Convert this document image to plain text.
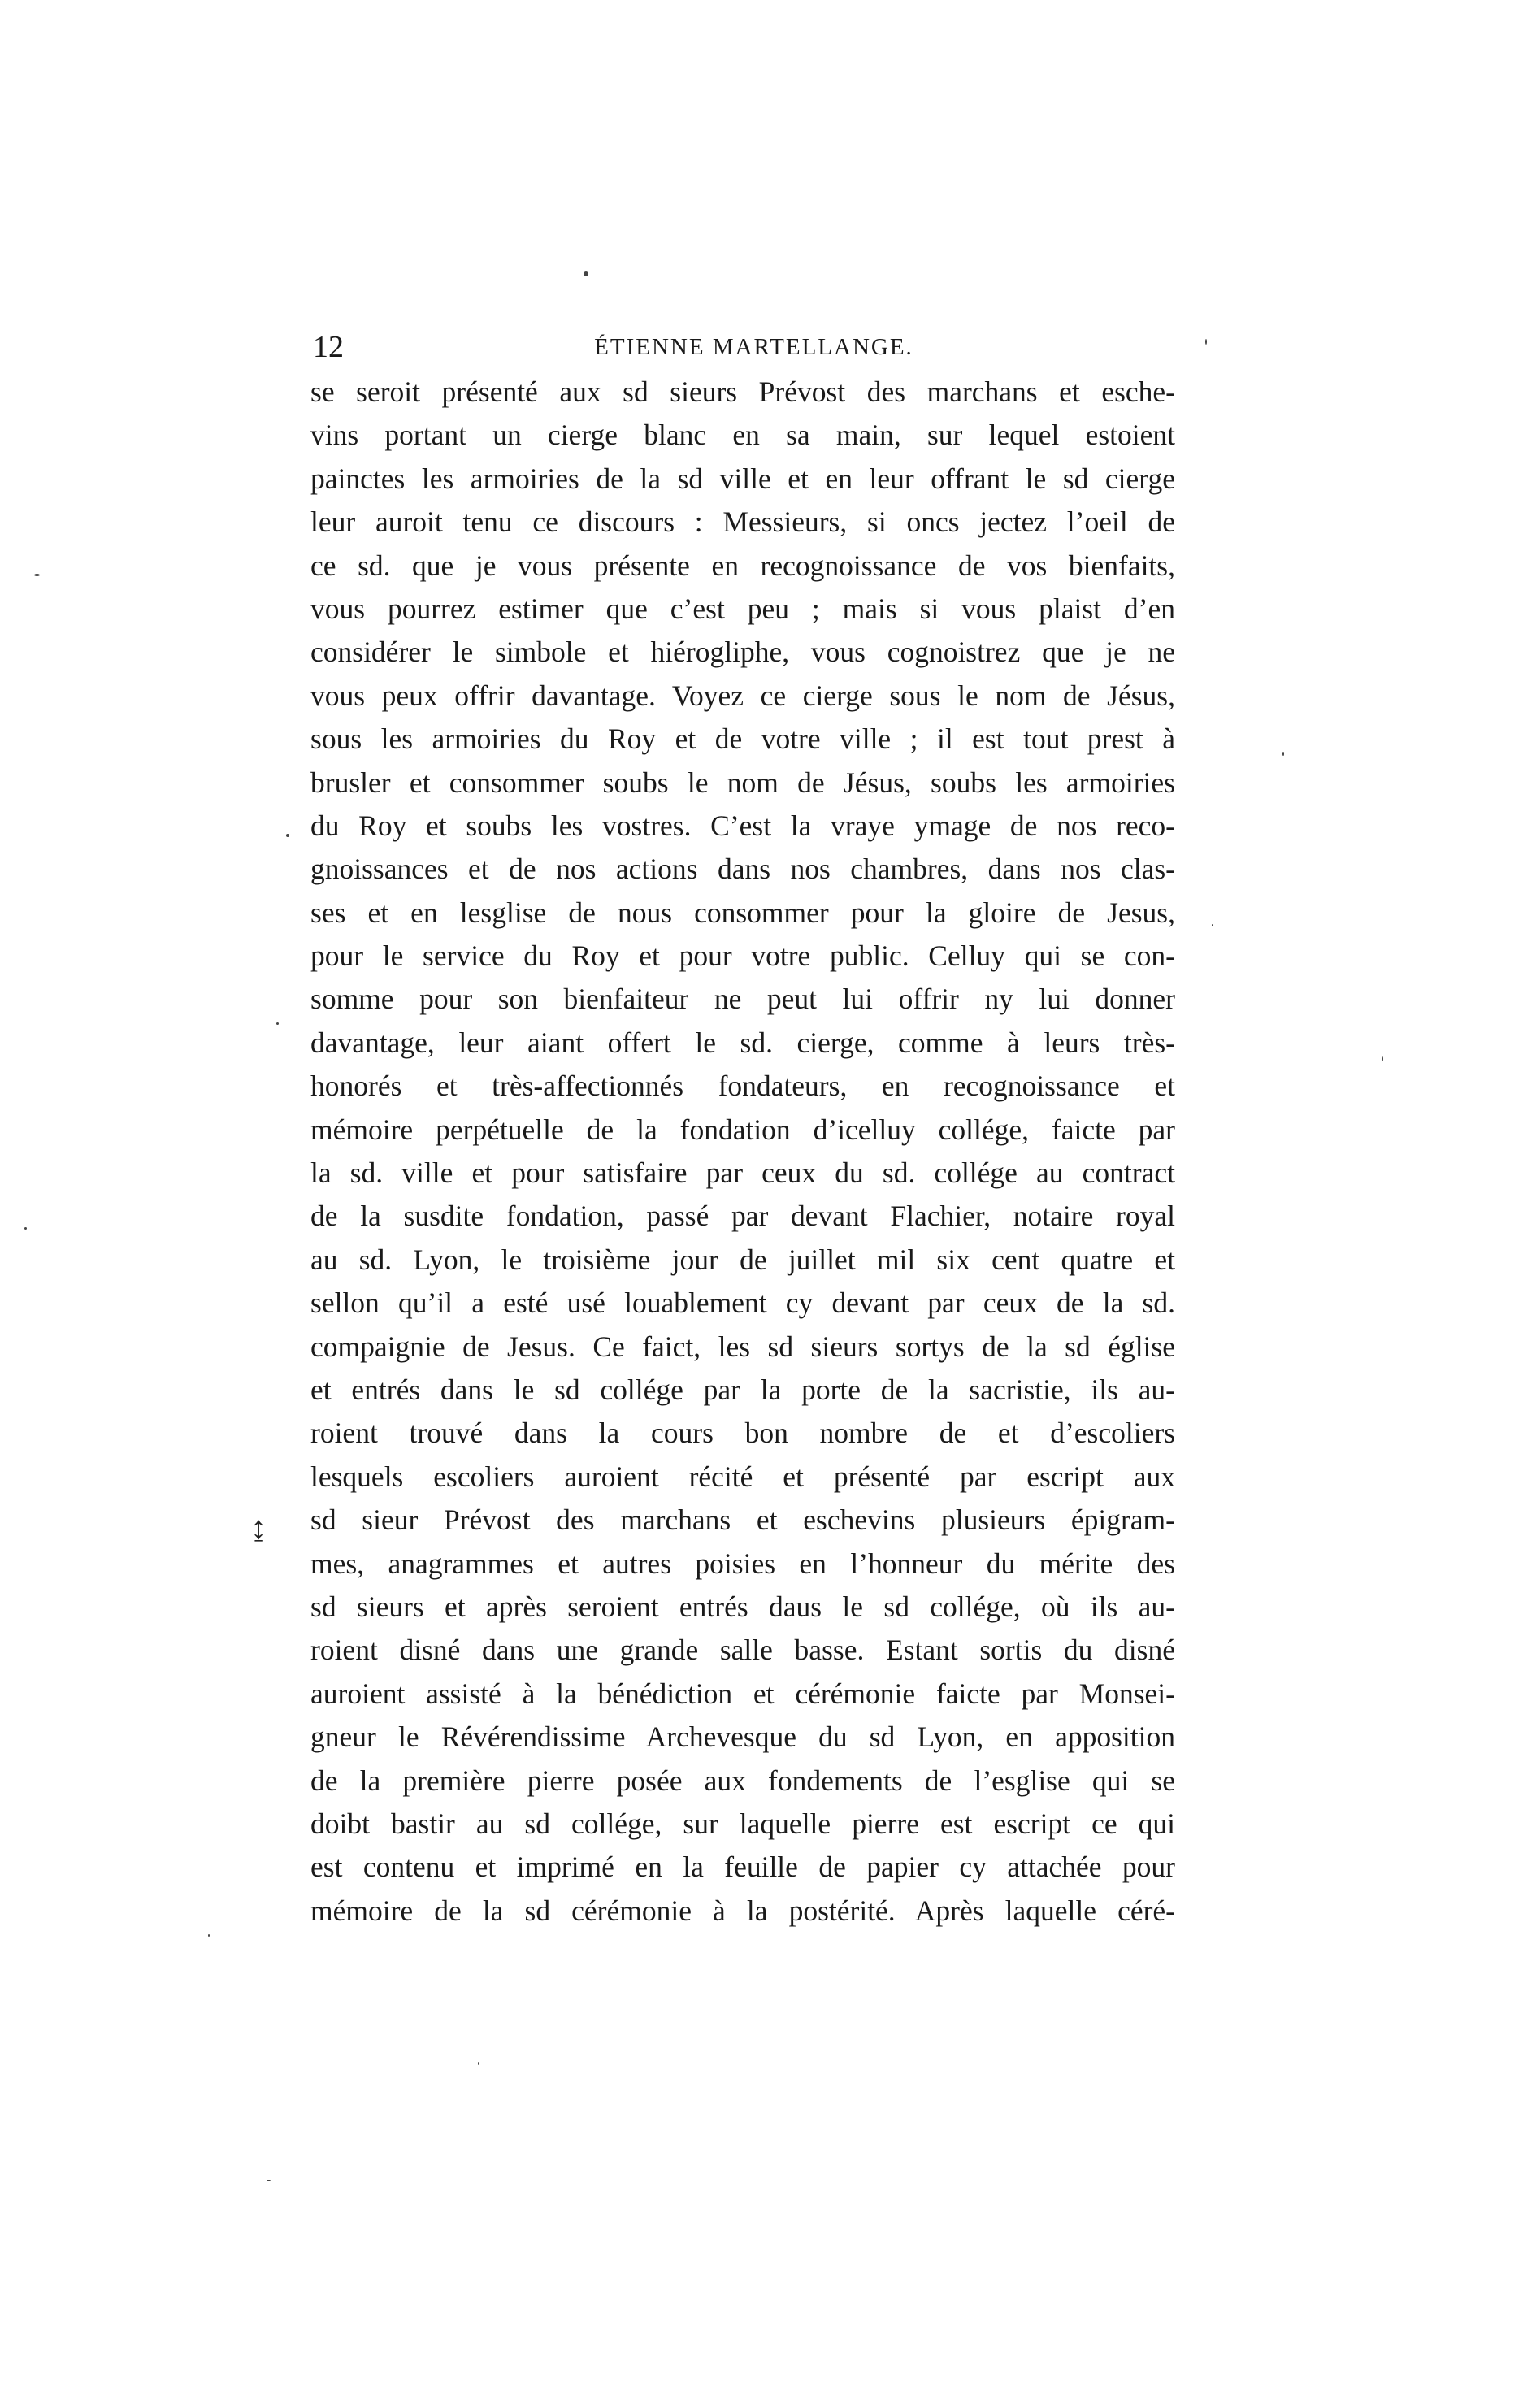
12	ÉTIENNE MARTELLANGE.
se seroit présenté aux sd sieurs Prévost des marchans et esche-
vins portant un cierge blanc en sa main, sur lequel estoient
painctes les armoiries de la sd ville et en leur offrant le sd cierge
leur auroit tenu ce discours : Messieurs, si oncs jectez l’oeil de
ce sd. que je vous présente en recognoissance de vos bienfaits,
vous pourrez estimer que c’est peu ; mais si vous plaist d’en
considérer le simbole et hiérogliphe, vous cognoistrez que je ne
vous peux offrir davantage. Voyez ce cierge sous le nom de Jésus,
sous les armoiries du Roy et de votre ville ; il est tout prest à
brusler et consommer soubs le nom de Jésus, soubs les armoiries
du Roy et soubs les vostres. C’est la vraye ymage de nos reco-
gnoissances et de nos actions dans nos chambres, dans nos clas-
ses et en lesglise de nous consommer pour la gloire de Jesus,
pour le service du Roy et pour votre public. Celluy qui se con-
somme pour son bienfaiteur ne peut lui offrir ny lui donner
davantage, leur aiant offert le sd. cierge, comme à leurs très-
honorés et très-affectionnés fondateurs, en recognoissance et
mémoire perpétuelle de la fondation d’icelluy collége, faicte par
la sd. ville et pour satisfaire par ceux du sd. collége au contract
de la susdite fondation, passé par devant Flachier, notaire royal
au sd. Lyon, le troisième jour de juillet mil six cent quatre et
sellon qu’il a esté usé louablement cy devant par ceux de la sd.
compaignie de Jesus. Ce faict, les sd sieurs sortys de la sd église
et entrés dans le sd collége par la porte de la sacristie, ils au-
roient trouvé dans la cours bon nombre de et d’escoliers
lesquels escoliers auroient récité et présenté par escript aux
sd sieur Prévost des marchans et eschevins plusieurs épigram-
mes, anagrammes et autres poisies en l’honneur du mérite des
sd sieurs et après seroient entrés daus le sd collége, où ils au-
roient disné dans une grande salle basse. Estant sortis du disné
auroient assisté à la bénédiction et cérémonie faicte par Monsei-
gneur le Révérendissime Archevesque du sd Lyon, en apposition
de la première pierre posée aux fondements de l’esglise qui se
doibt bastir au sd collége, sur laquelle pierre est escript ce qui
est contenu et imprimé en la feuille de papier cy attachée pour
mémoire de la sd cérémonie à la postérité. Après laquelle céré-
↨
